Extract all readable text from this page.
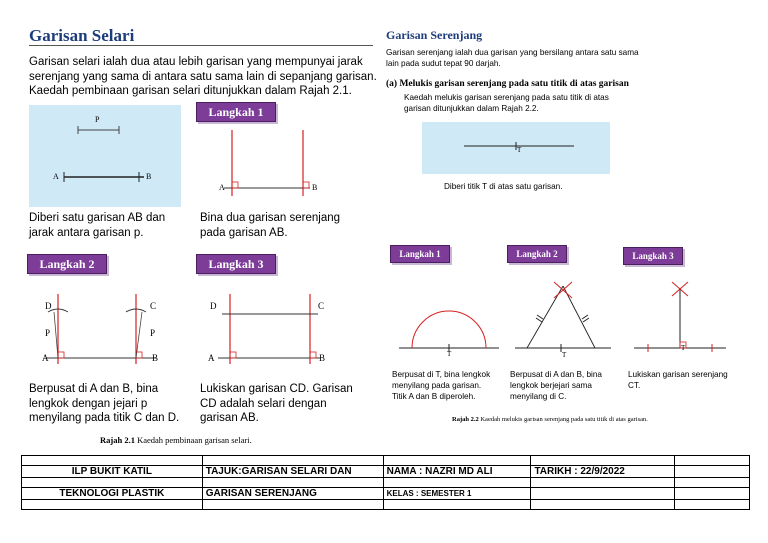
Garisan Selari
Garisan selari ialah dua atau lebih garisan yang mempunyai jarak
serenjang yang sama di antara satu sama lain di sepanjang garisan.
Kaedah pembinaan garisan selari ditunjukkan dalam Rajah 2.1.
P
A	B
Diberi satu garisan AB dan
jarak antara garisan p.
Langkah 1
A	B
Bina dua garisan serenjang
pada garisan AB.
Langkah 2
D	C
P	P
A	B
Berpusat di A dan B, bina
lengkok dengan jejari p
menyilang pada titik C dan D.
Langkah 3
D	C
A	B
Lukiskan garisan CD. Garisan
CD adalah selari dengan
garisan AB.
Rajah 2.1 Kaedah pembinaan garisan selari.
Garisan Serenjang
Garisan serenjang ialah dua garisan yang bersilang antara satu sama
lain pada sudut tepat 90 darjah.
(a) Melukis garisan serenjang pada satu titik di atas garisan
Kaedah melukis garisan serenjang pada satu titik di atas
garisan ditunjukkan dalam Rajah 2.2.
T
Diberi titik T di atas satu garisan.
Langkah 1	Langkah 2	Langkah 3
T	T
T
Berpusat di T, bina lengkok
menyilang pada garisan.
Titik A dan B diperoleh.
Berpusat di A dan B, bina
lengkok berjejari sama
menyilang di C.
Lukiskan garisan serenjang
CT.
Rajah 2.2 Kaedah melukis garisan serenjang pada satu titik di atas garisan.

ILP BUKIT KATIL	TAJUK:GARISAN SELARI DAN	NAMA : NAZRI MD ALI	TARIKH : 22/9/2022	

TEKNOLOGI PLASTIK	GARISAN SERENJANG	KELAS : SEMESTER 1		
